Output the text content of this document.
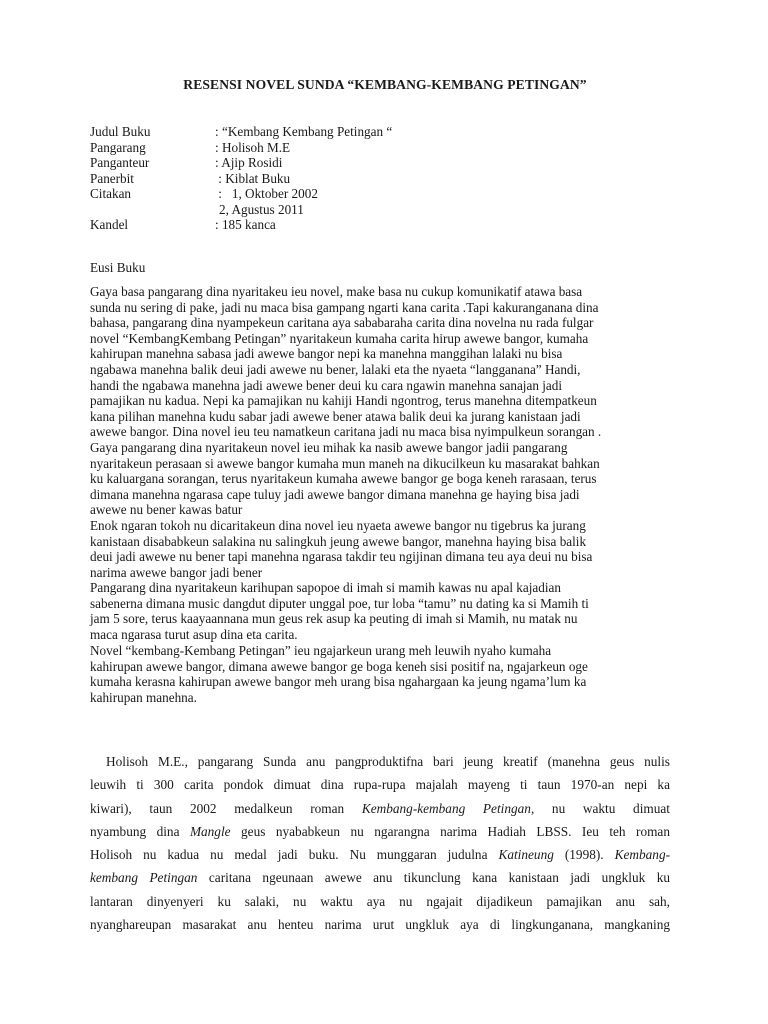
RESENSI NOVEL SUNDA “KEMBANG-KEMBANG PETINGAN”
Judul Buku	: “Kembang Kembang Petingan “
Pangarang	: Holisoh M.E
Panganteur	: Ajip Rosidi
Panerbit	: Kiblat Buku
Citakan	:   1, Oktober 2002
2, Agustus 2011
Kandel	: 185 kanca
Eusi Buku
Gaya basa pangarang dina nyaritakeu ieu novel, make basa nu cukup komunikatif atawa basa
sunda nu sering di pake, jadi nu maca bisa gampang ngarti kana carita .Tapi kakuranganana dina
bahasa, pangarang dina nyampekeun caritana aya sababaraha carita dina novelna nu rada fulgar
novel “KembangKembang Petingan” nyaritakeun kumaha carita hirup awewe bangor, kumaha
kahirupan manehna sabasa jadi awewe bangor nepi ka manehna manggihan lalaki nu bisa
ngabawa manehna balik deui jadi awewe nu bener, lalaki eta the nyaeta “langganana” Handi,
handi the ngabawa manehna jadi awewe bener deui ku cara ngawin manehna sanajan jadi
pamajikan nu kadua. Nepi ka pamajikan nu kahiji Handi ngontrog, terus manehna ditempatkeun
kana pilihan manehna kudu sabar jadi awewe bener atawa balik deui ka jurang kanistaan jadi
awewe bangor. Dina novel ieu teu namatkeun caritana jadi nu maca bisa nyimpulkeun sorangan .
Gaya pangarang dina nyaritakeun novel ieu mihak ka nasib awewe bangor jadii pangarang
nyaritakeun perasaan si awewe bangor kumaha mun maneh na dikucilkeun ku masarakat bahkan
ku kaluargana sorangan, terus nyaritakeun kumaha awewe bangor ge boga keneh rarasaan, terus
dimana manehna ngarasa cape tuluy jadi awewe bangor dimana manehna ge haying bisa jadi
awewe nu bener kawas batur
Enok ngaran tokoh nu dicaritakeun dina novel ieu nyaeta awewe bangor nu tigebrus ka jurang
kanistaan disababkeun salakina nu salingkuh jeung awewe bangor, manehna haying bisa balik
deui jadi awewe nu bener tapi manehna ngarasa takdir teu ngijinan dimana teu aya deui nu bisa
narima awewe bangor jadi bener
Pangarang dina nyaritakeun karihupan sapopoe di imah si mamih kawas nu apal kajadian
sabenerna dimana music dangdut diputer unggal poe, tur loba “tamu” nu dating ka si Mamih ti
jam 5 sore, terus kaayaannana mun geus rek asup ka peuting di imah si Mamih, nu matak nu
maca ngarasa turut asup dina eta carita.
Novel “kembang-Kembang Petingan” ieu ngajarkeun urang meh leuwih nyaho kumaha
kahirupan awewe bangor, dimana awewe bangor ge boga keneh sisi positif na, ngajarkeun oge
kumaha kerasna kahirupan awewe bangor meh urang bisa ngahargaan ka jeung ngama’lum ka
kahirupan manehna.
Holisoh M.E., pangarang Sunda anu pangproduktifna bari jeung kreatif (manehna geus nulis
leuwih ti 300 carita pondok dimuat dina rupa-rupa majalah mayeng ti taun 1970-an nepi ka
kiwari), taun 2002 medalkeun roman Kembang-kembang Petingan, nu waktu dimuat
nyambung dina Mangle geus nyababkeun nu ngarangna narima Hadiah LBSS. Ieu teh roman
Holisoh nu kadua nu medal jadi buku. Nu munggaran judulna Katineung (1998). Kembang-
kembang Petingan caritana ngeunaan awewe anu tikunclung kana kanistaan jadi ungkluk ku
lantaran dinyenyeri ku salaki, nu waktu aya nu ngajait dijadikeun pamajikan anu sah,
nyanghareupan masarakat anu henteu narima urut ungkluk aya di lingkunganana, mangkaning
